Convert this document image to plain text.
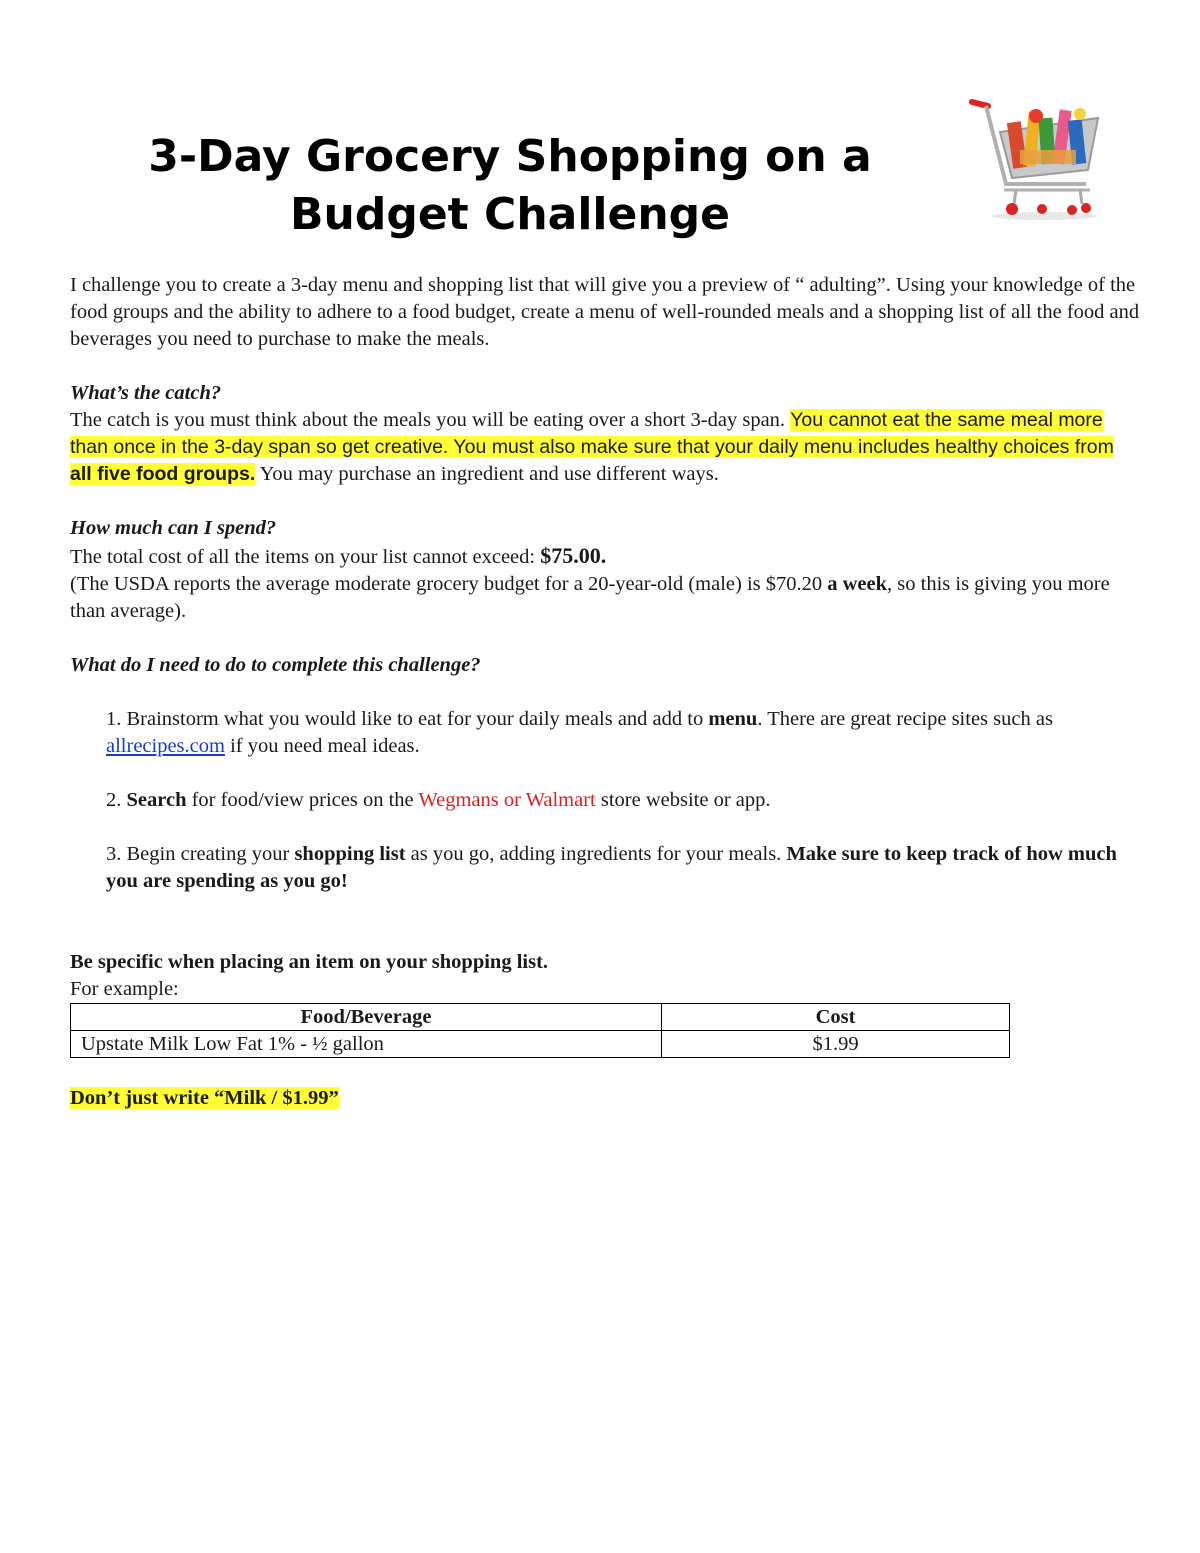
3-Day Grocery Shopping on a
Budget Challenge

I challenge you to create a 3-day menu and shopping list that will give you a preview of “ adulting”. Using your knowledge of the food groups and the ability to adhere to a food budget, create a menu of well-rounded meals and a shopping list of all the food and beverages you need to purchase to make the meals.

What’s the catch?

The catch is you must think about the meals you will be eating over a short 3-day span. You cannot eat the same meal more than once in the 3-day span so get creative. You must also make sure that your daily menu includes healthy choices from all five food groups. You may purchase an ingredient and use different ways.

How much can I spend?

The total cost of all the items on your list cannot exceed: $75.00.

(The USDA reports the average moderate grocery budget for a 20-year-old (male) is $70.20 a week, so this is giving you more than average).

What do I need to do to complete this challenge?

1. Brainstorm what you would like to eat for your daily meals and add to menu. There are great recipe sites such as allrecipes.com if you need meal ideas.

2. Search for food/view prices on the Wegmans or Walmart store website or app.

3. Begin creating your shopping list as you go, adding ingredients for your meals. Make sure to keep track of how much you are spending as you go!

Be specific when placing an item on your shopping list.

For example:

Food/Beverage	Cost
Upstate Milk Low Fat 1% - ½ gallon	$1.99

Don’t just write “Milk / $1.99”
